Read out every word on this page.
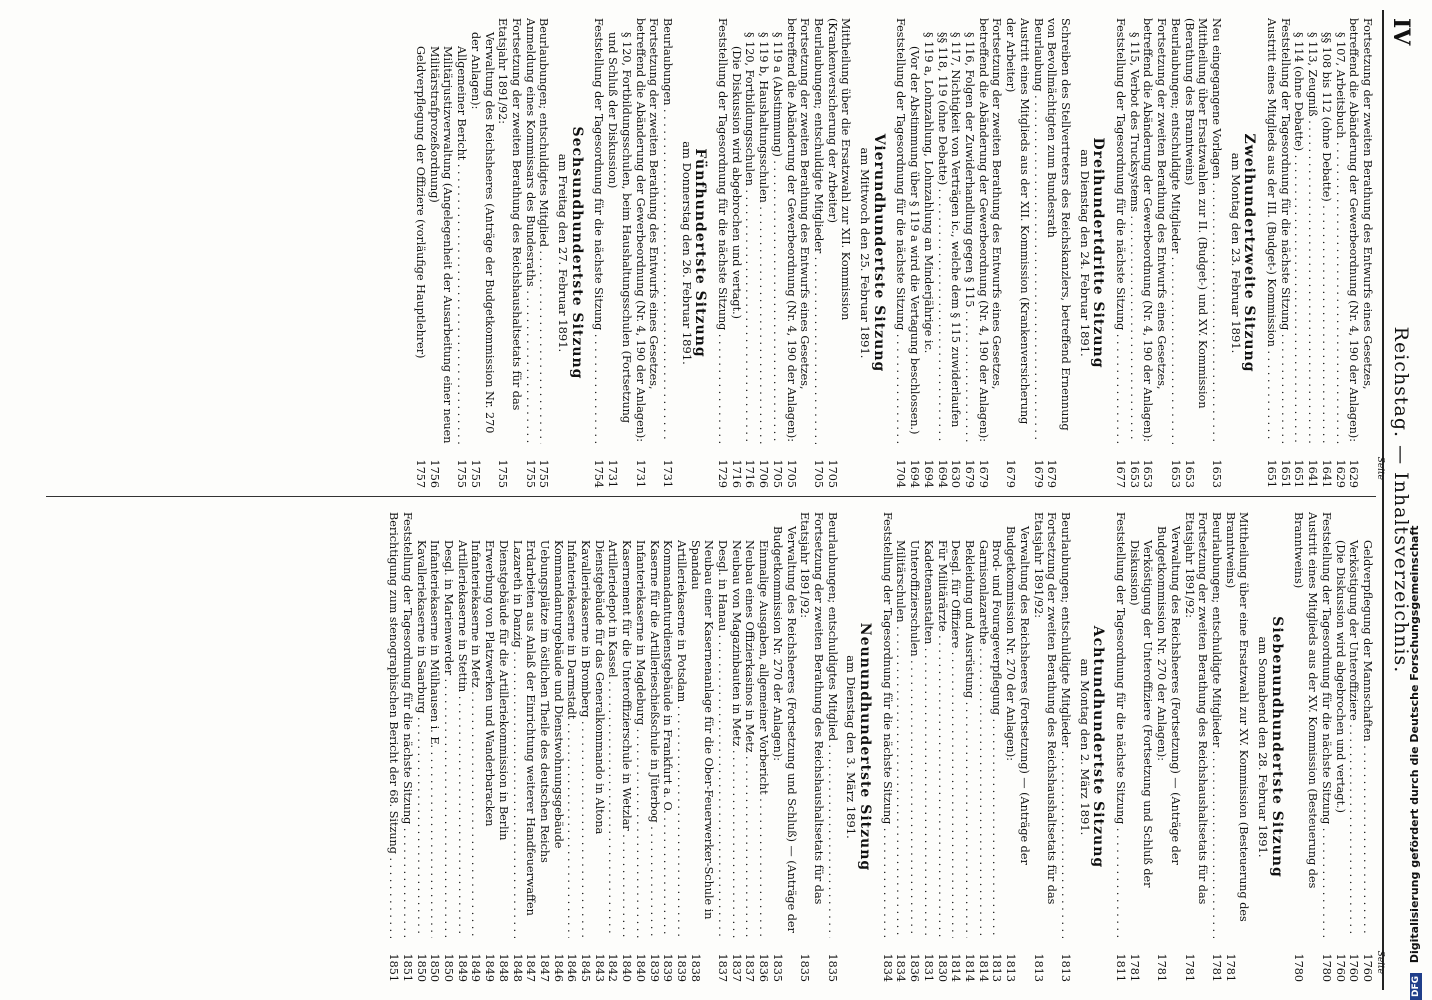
IV
Reichstag. — Inhaltsverzeichnis.
Seite
Fortsetzung der zweiten Berathung des Entwurfs eines Gesetzes, betreffend die Abänderung der Gewerbeordnung (Nr. 4, 190 der Anlagen):
1629
§ 107, Arbeitsbuch . . .
1629
§§ 108 bis 112 (ohne Debatte) . . .
1641
§ 113, Zeugniß . . .
1641
§ 114 (ohne Debatte) . . .
1651
Feststellung der Tagesordnung für die nächste Sitzung . . .
1651
Austritt eines Mitglieds aus der III. (Budget-) Kommission . . .
1651
Zweihundertzweite Sitzung
am Montag den 23. Februar 1891.
Neu eingegangene Vorlagen . . .
1653
Mittheilung über Ersatzwahlen zur II. (Budget-) und XV. Kommission (Berathung des Branntweins)
1653
Beurlaubungen; entschuldigte Mitglieder . . .
1653
Fortsetzung der zweiten Berathung des Entwurfs eines Gesetzes, betreffend die Abänderung der Gewerbeordnung (Nr. 4, 190 der Anlagen):
1653
§ 115, Verbot des Trucksystems . . .
1653
Feststellung der Tagesordnung für die nächste Sitzung . . .
1677
Dreihundertdritte Sitzung
am Dienstag den 24. Februar 1891.
Schreiben des Stellvertreters des Reichskanzlers, betreffend Ernennung von Bevollmächtigten zum Bundesrath
1679
Beurlaubung . . .
1679
Austritt eines Mitglieds aus der XII. Kommission (Krankenversicherung der Arbeiter)
1679
Fortsetzung der zweiten Berathung des Entwurfs eines Gesetzes, betreffend die Abänderung der Gewerbeordnung (Nr. 4, 190 der Anlagen):
1679
§ 116, Folgen der Zuwiderhandlung gegen § 115 . . .
1679
§ 117, Nichtigkeit von Verträgen ic., welche dem § 115 zuwiderlaufen
1630
§§ 118, 119 (ohne Debatte) . . .
1694
§ 119 a, Lohnzahlung, Lohnzahlung an Minderjährige ic.
1694
(Vor der Abstimmung über § 119 a wird die Vertagung beschlossen.)
1694
Feststellung der Tagesordnung für die nächste Sitzung . . .
1704
Vierundhundertste Sitzung
am Mittwoch den 25. Februar 1891.
Mittheilung über die Ersatzwahl zur XII. Kommission (Krankenversicherung der Arbeiter)
1705
Beurlaubungen; entschuldigte Mitglieder . . .
1705
Fortsetzung der zweiten Berathung des Entwurfs eines Gesetzes, betreffend die Abänderung der Gewerbeordnung (Nr. 4, 190 der Anlagen):
1705
§ 119 a (Abstimmung) . . .
1705
§ 119 b, Haushaltungsschulen . . .
1706
§ 120, Fortbildungsschulen . . .
1716
(Die Diskussion wird abgebrochen und vertagt.)
1716
Feststellung der Tagesordnung für die nächste Sitzung . . .
1729
Fünfhundertste Sitzung
am Donnerstag den 26. Februar 1891.
Beurlaubungen . . .
1731
Fortsetzung der zweiten Berathung des Entwurfs eines Gesetzes, betreffend die Abänderung der Gewerbeordnung (Nr. 4, 190 der Anlagen):
1731
§ 120, Fortbildungsschulen, beim Haushaltungsschulen (Fortsetzung und Schluß der Diskussion)
1731
Feststellung der Tagesordnung für die nächste Sitzung . . .
1754
Sechsundhundertste Sitzung
am Freitag den 27. Februar 1891.
Beurlaubungen; entschuldigtes Mitglied . . .
1755
Anmeldung eines Kommissars des Bundesraths . . .
1755
Fortsetzung der zweiten Berathung des Reichshaushaltsetats für das Etatsjahr 1891/92:
1755
Verwaltung des Reichsheeres (Anträge der Budgetkommission Nr. 270 der Anlagen):
1755
Allgemeiner Bericht . . .
1755
Militärjustizverwaltung (Angelegenheit der Ausarbeitung einer neuen Militärstrafprozeßordnung)
1756
Geldverpflegung der Offiziere (vorläufige Hauptlehrer)
1757
Seite
Geldverpflegung der Mannschaften . . .
1760
Verköstigung der Unteroffiziere . . .
1760
(Die Diskussion wird abgebrochen und vertagt.)
1760
Feststellung der Tagesordnung für die nächste Sitzung . . .
1780
Austritt eines Mitglieds aus der XV. Kommission (Besteuerung des Branntweins)
1780
Siebenundhundertste Sitzung
am Sonnabend den 28. Februar 1891.
Mittheilung über eine Ersatzwahl zur XV. Kommission (Besteuerung des Branntweins)
1781
Beurlaubungen; entschuldigte Mitglieder . . .
1781
Fortsetzung der zweiten Berathung des Reichshaushaltsetats für das Etatsjahr 1891/92:
1781
Verwaltung des Reichsheeres (Fortsetzung) — (Anträge der Budgetkommission Nr. 270 der Anlagen):
1781
Verköstigung der Unteroffiziere (Fortsetzung und Schluß der Diskussion)
1781
Feststellung der Tagesordnung für die nächste Sitzung . . .
1811
Achtundhundertste Sitzung
am Montag den 2. März 1891.
Beurlaubungen; entschuldigte Mitglieder . . .
1813
Fortsetzung der zweiten Berathung des Reichshaushaltsetats für das Etatsjahr 1891/92:
1813
Verwaltung des Reichsheeres (Fortsetzung) — (Anträge der Budgetkommission Nr. 270 der Anlagen):
1813
Brod- und Fourageverpflegung . . .
1813
Garnisonlazarethe . . .
1814
Bekleidung und Ausrüstung . . .
1814
Desgl. für Offiziere . . .
1814
Für Militärärzte . . .
1830
Kadettenanstalten . . .
1831
Unteroffizierschulen . . .
1836
Militärschulen . . .
1834
Feststellung der Tagesordnung für die nächste Sitzung . . .
1834
Neunundhundertste Sitzung
am Dienstag den 3. März 1891.
Beurlaubungen; entschuldigtes Mitglied . . .
1835
Fortsetzung der zweiten Berathung des Reichshaushaltsetats für das Etatsjahr 1891/92:
1835
Verwaltung des Reichsheeres (Fortsetzung und Schluß) — (Anträge der Budgetkommission Nr. 270 der Anlagen):
1835
Einmalige Ausgaben, allgemeiner Vorbericht . . .
1836
Neubau eines Offizierkasinos in Metz . . .
1837
Neubau von Magazinbauten in Metz . . .
1837
Desgl. in Hanau . . .
1837
Neubau einer Kasernenanlage für die Ober-Feuerwerker-Schule in Spandau
1838
Artilleriekaserne in Potsdam . . .
1839
Kommandanturdienstgebäude in Frankfurt a. O. . . .
1839
Kaserne für die Artillerieschießschule in Jüterbog . . .
1839
Infanteriekaserne in Magdeburg . . .
1840
Kasernement für die Unteroffizierschule in Wetzlar . . .
1840
Artilleriedepot in Kassel . . .
1842
Dienstgebäude für das Generalkommando in Altona
1843
Kavalleriekaserne in Bromberg . . .
1845
Infanteriekaserne in Darmstadt . . .
1846
Kommandanturgebäude und Dienstwohnungsgebäude
1846
Uebungsplätze im östlichen Theile des deutschen Reichs
1847
Erdarbeiten aus Anlaß der Einrichtung weiterer Handfeuerwaffen
1847
Lazareth in Danzig . . .
1848
Dienstgebäude für die Artilleriekommission in Berlin
1848
Erwerbung von Platzwerken und Wanderbaracken
1849
Infanteriekaserne in Metz . . .
1849
Artilleriekaserne in Stettin . . .
1849
Desgl. in Marienwerder . . .
1850
Infanteriekaserne in Mülhausen i. E. . . .
1850
Kavalleriekaserne in Saarburg . . .
1850
Feststellung der Tagesordnung für die nächste Sitzung . . .
1851
Berichtigung zum stenographischen Bericht der 68. Sitzung . . .
1851
DFG Digitalisierung gefördert durch die Deutsche Forschungsgemeinschaft
